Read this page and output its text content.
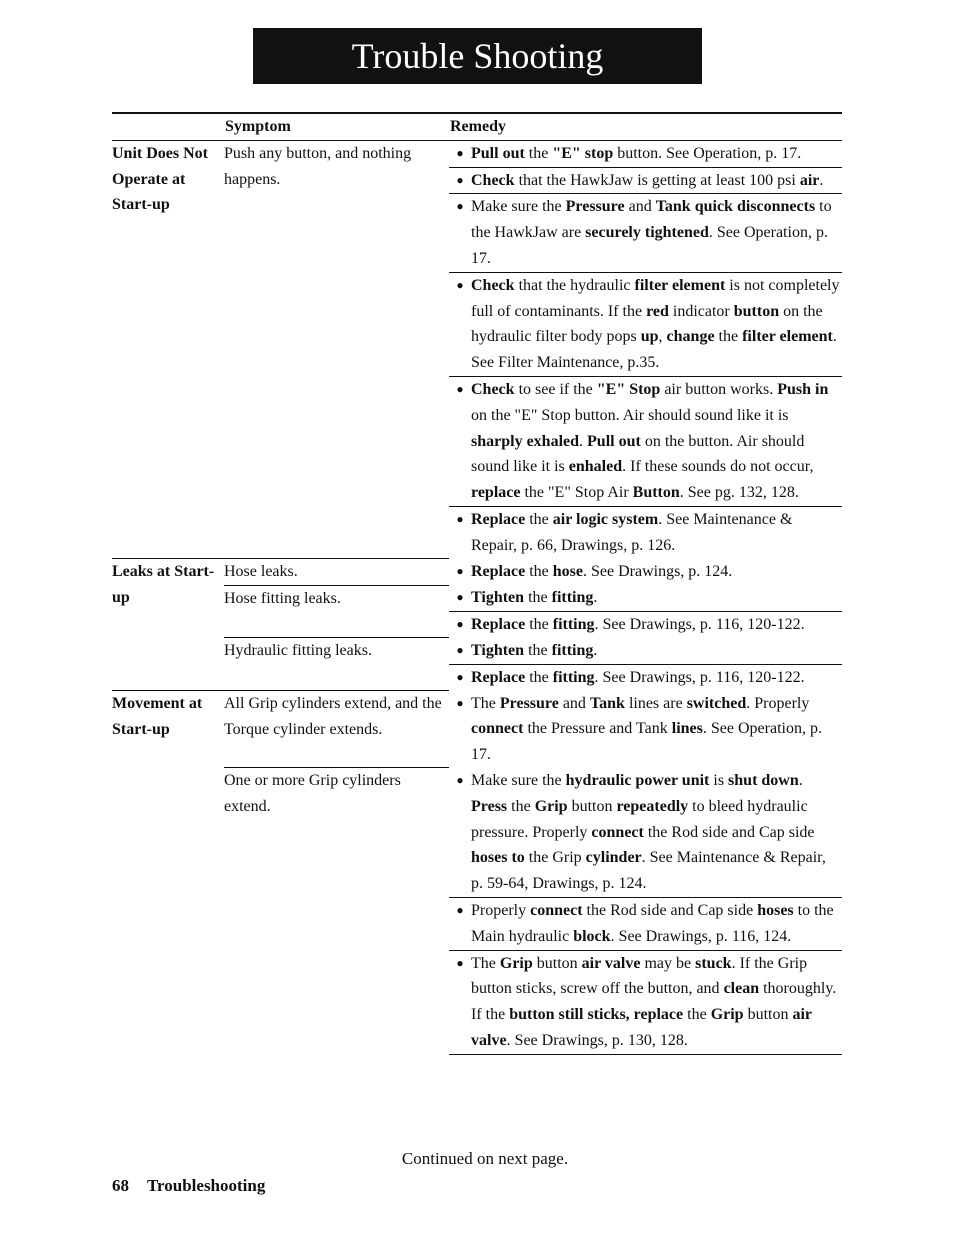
Trouble Shooting
	Symptom	Remedy
Unit Does Not Operate at Start-up	Push any button, and nothing happens.	● Pull out the "E" stop button. See Operation, p. 17.

		● Check that the HawkJaw is getting at least 100 psi air.

		● Make sure the Pressure and Tank quick disconnects to the HawkJaw are securely tightened. See Operation, p. 17.

		● Check that the hydraulic filter element is not completely full of contaminants. If the red indicator button on the hydraulic filter body pops up, change the filter element. See Filter Maintenance, p.35.

		● Check to see if the "E" Stop air button works. Push in on the "E" Stop button. Air should sound like it is sharply exhaled. Pull out on the button. Air should sound like it is enhaled. If these sounds do not occur, replace the "E" Stop Air Button. See pg. 132, 128.

		● Replace the air logic system. See Maintenance & Repair, p. 66, Drawings, p. 126.

Leaks at Start-up	Hose leaks.	● Replace the hose. See Drawings, p. 124.

	Hose fitting leaks.	● Tighten the fitting.

		● Replace the fitting. See Drawings, p. 116, 120-122.

	Hydraulic fitting leaks.	● Tighten the fitting.

		● Replace the fitting. See Drawings, p. 116, 120-122.

Movement at Start-up	All Grip cylinders extend, and the Torque cylinder extends.	● The Pressure and Tank lines are switched. Properly connect the Pressure and Tank lines. See Operation, p. 17.

	One or more Grip cylinders extend.	● Make sure the hydraulic power unit is shut down. Press the Grip button repeatedly to bleed hydraulic pressure. Properly connect the Rod side and Cap side hoses to the Grip cylinder. See Maintenance & Repair, p. 59-64, Drawings, p. 124.

		● Properly connect the Rod side and Cap side hoses to the Main hydraulic block. See Drawings, p. 116, 124.

		● The Grip button air valve may be stuck. If the Grip button sticks, screw off the button, and clean thoroughly. If the button still sticks, replace the Grip button air valve. See Drawings, p. 130, 128.
Continued on next page.
68 Troubleshooting
